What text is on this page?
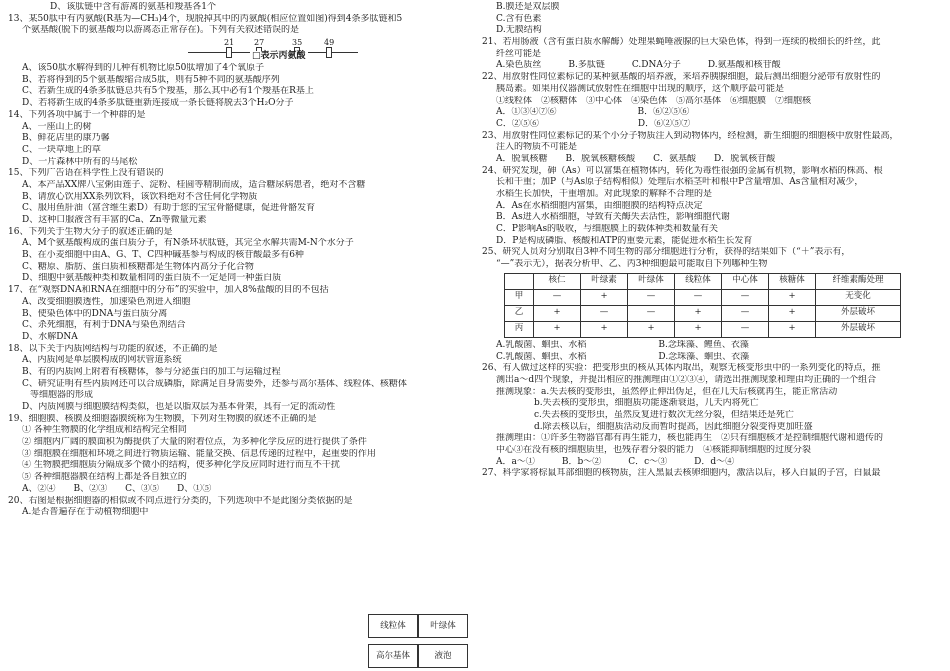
D、该肽链中含有游离的氨基和羧基各1个
13、某50肽中有丙氨酸(R基为—CH₃)4个，现脱掉其中的丙氨酸(相应位置如图)得到4条多肽链和5
个氨基酸(脱下的氨基酸均以游离态正常存在)。下列有关叙述错误的是
21 27	35	49
□表示丙氨酸
A、该50肽水解得到的几种有机物比原50肽增加了4个氧原子
B、若将得到的5个氨基酸缩合成5肽，则有5种不同的氨基酸序列
C、若新生成的4条多肽链总共有5个羧基，那么其中必有1个羧基在R基上
D、若将新生成的4条多肽链重新连接成一条长链将脱去3个H₂O分子
14、下列各项中属于一个种群的是
A、一座山上的树
B、鲜花店里的康乃馨
C、一块草地上的草
D、一片森林中所有的马尾松
15、下列广告语在科学性上没有错误的
A、本产品XX牌八宝粥由莲子、淀粉、桂圆等精制而成，适合糖尿病患者，绝对不含糖
B、请放心饮用XX系列饮料，该饮料绝对不含任何化学物质
C、服用鱼肝油（富含维生素D）有助于您的宝宝骨骼健康，促进骨骼发育
D、这种口服液含有丰富的Ca、Zn等微量元素
16、下列关于生物大分子的叙述正确的是
A、M个氨基酸构成的蛋白质分子，有N条环状肽链，其完全水解共需M-N个水分子
B、在小麦细胞中由A、G、T、C四种碱基参与构成的核苷酸最多有6种
C、糖原、脂肪、蛋白质和核糖都是生物体内高分子化合物
D、细胞中氨基酸种类和数量相同的蛋白质不一定是同一种蛋白质
17、在“观察DNA和RNA在细胞中的分布”的实验中，加入8%盐酸的目的不包括
A、改变细胞膜透性，加速染色剂进入细胞
B、使染色体中的DNA与蛋白质分离
C、杀死细胞，有利于DNA与染色剂结合
D、水解DNA
18、以下关于内质网结构与功能的叙述，不正确的是
A、内质网是单层膜构成的网状管道系统
B、有的内质网上附着有核糖体，参与分泌蛋白的加工与运输过程
C、研究证明有些内质网还可以合成磷脂，除满足自身需要外，还参与高尔基体、线粒体、核糖体
等细胞器的形成
D、内质网膜与细胞膜结构类似，也是以脂双层为基本骨架，具有一定的流动性
19、细胞膜、核膜及细胞器膜统称为生物膜，下列对生物膜的叙述不正确的是
① 各种生物膜的化学组成和结构完全相同
② 细胞内广阔的膜面积为酶提供了大量的附着位点，为多种化学反应的进行提供了条件
③ 细胞膜在细胞和环境之间进行物质运输、能量交换、信息传递的过程中，起重要的作用
④ 生物膜把细胞质分隔成多个微小的结构，使多种化学反应同时进行而互不干扰
⑤ 各种细胞器膜在结构上都是各自独立的
A、②④　　B、②③　　C、③⑤　　D、①⑤
20、右图是根据细胞器的相似或不同点进行分类的，下列选项中不是此图分类依据的是
A.是否普遍存在于动植物细胞中
线粒体	叶绿体
高尔基体	液泡
B.膜还是双层膜
C.含有色素
D.无膜结构
21、若用肠液（含有蛋白质水解酶）处理果蝇唾液腺的巨大染色体，得到一连续的极细长的纤丝，此
纤丝可能是
A.染色质丝　　　B.多肽链　　　C.DNA分子　　　D.氨基酸和核苷酸
22、用放射性同位素标记的某种氨基酸的培养液，来培养胰腺细胞，最后测出细胞分泌带有放射性的
胰岛素。如果用仪器测试放射性在细胞中出现的顺序，这个顺序最可能是
①线粒体　②核糖体　③中心体　④染色体　⑤高尔基体　⑥细胞膜　⑦细胞核
A．①③④⑦⑥　　　　　　　　　B．⑥②⑤⑥
C．②⑤⑥　　　　　　　　　　　D．⑥②⑤⑦
23、用放射性同位素标记的某个小分子物质注入到动物体内，经检测，新生细胞的细胞核中放射性最高，
注入的物质不可能是
A．脱氧核糖　　B．脱氧核糖核酸　　C．氨基酸　　D．脱氧核苷酸
24、研究发现，砷（As）可以富集在植物体内，转化为毒性很强的金属有机物，影响水稻的株高、根
长和干重；加P（与As原子结构相似）处理后水稻茎叶和根中P含量增加、As含量相对减少，
水稻生长加快，干重增加。对此现象的解释不合理的是
A．As在水稻细胞内富集，由细胞膜的结构特点决定
B．As进入水稻细胞，导致有关酶失去活性，影响细胞代谢
C．P影响As的吸收，与细胞膜上的载体种类和数量有关
D．P是构成磷脂、核酸和ATP的重要元素，能促进水稻生长发育
25、研究人员对分别取自3种不同生物的部分细胞进行分析，获得的结果如下（“＋”表示有，
“—”表示无），据表分析甲、乙、丙3种细胞最可能取自下列哪种生物
	核仁	叶绿素	叶绿体	线粒体	中心体	核糖体	纤维素酶处理
甲	—	+	—	—	—	+	无变化
乙	+	—	—	+	—	+	外层破坏
丙	+	+	+	+	—	+	外层破坏
A.乳酸菌、蛔虫、水稻　　　　　　　　B.念珠藻、鲤鱼、衣藻
C.乳酸菌、蛔虫、水稻　　　　　　　　D.念珠藻、蛔虫、衣藻
26、有人做过这样的实验：把变形虫的核从其体内取出，观察无核变形虫中的一系列变化的特点，推
测出a～d四个现象，并提出相应的推测理由①②③④，请选出推测现象和理由均正确的一个组合
推测现象：a.失去核的变形虫，虽然停止伸出伪足，但在几天后核就再生，能正常活动
b.失去核的变形虫，细胞质功能逐渐衰退，几天内将死亡
c.失去核的变形虫，虽然反复进行数次无丝分裂，但结果还是死亡
d.除去核以后，细胞质活动反而暂时提高，因此细胞分裂变得更加旺盛
推测理由：①许多生物器官都有再生能力，核也能再生　②只有细胞核才是控制细胞代谢和遗传的
中心③在没有核的细胞质里，也残存着分裂的能力　④核能抑制细胞的过度分裂
A．a～①　　　B．b～②　　　C．c～③　　　D．d～④
27、科学家将棕鼠耳部细胞的核物质，注入黑鼠去核卵细胞内，激活以后，移入白鼠的子宫，白鼠最
